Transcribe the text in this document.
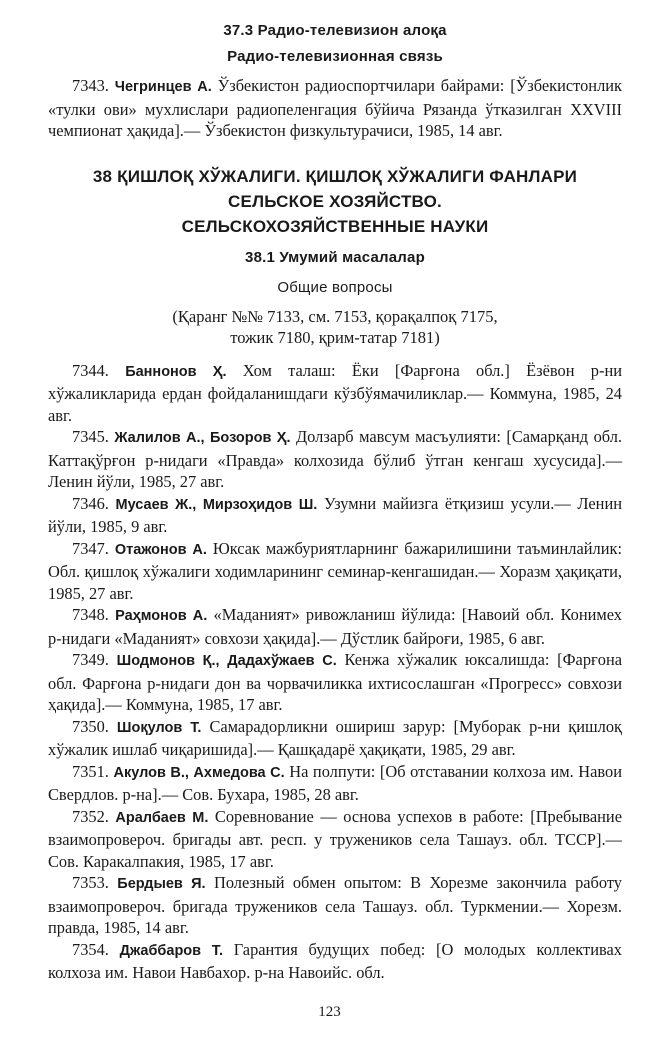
37.3 Радио-телевизион алоқа

Радио-телевизионная связь

7343. Чегринцев А. Ўзбекистон радиоспортчилари байрами: [Ўзбекистонлик «тулки ови» мухлислари радиопеленгация бўйича Рязанда ўтказилган XXVIII чемпионат ҳақида].— Ўзбекистон физкультурачиси, 1985, 14 авг.

38 ҚИШЛОҚ ХЎЖАЛИГИ. ҚИШЛОҚ ХЎЖАЛИГИ ФАНЛАРИ

СЕЛЬСКОЕ ХОЗЯЙСТВО.

СЕЛЬСКОХОЗЯЙСТВЕННЫЕ НАУКИ

38.1 Умумий масалалар

Общие вопросы

(Қаранг №№ 7133, см. 7153, қорақалпоқ 7175,
тожик 7180, қрим-татар 7181)

7344. Баннонов Ҳ. Хом талаш: Ёки [Фарғона обл.] Ёзёвон р-ни хўжаликларида ердан фойдаланишдаги кўзбўямачиликлар.— Коммуна, 1985, 24 авг.

7345. Жалилов А., Бозоров Ҳ. Долзарб мавсум масъулияти: [Самарқанд обл. Каттақўрғон р-нидаги «Правда» колхозида бўлиб ўтган кенгаш хусусида].— Ленин йўли, 1985, 27 авг.

7346. Мусаев Ж., Мирзоҳидов Ш. Узумни майизга ётқизиш усули.— Ленин йўли, 1985, 9 авг.

7347. Отажонов А. Юксак мажбуриятларнинг бажарилишини таъминлайлик: Обл. қишлоқ хўжалиги ходимларининг семинар-кенгашидан.— Хоразм ҳақиқати, 1985, 27 авг.

7348. Раҳмонов А. «Маданият» ривожланиш йўлида: [Навоий обл. Конимех р-нидаги «Маданият» совхози ҳақида].— Дўстлик байроғи, 1985, 6 авг.

7349. Шодмонов Қ., Дадахўжаев С. Кенжа хўжалик юксалишда: [Фарғона обл. Фарғона р-нидаги дон ва чорвачиликка ихтисослашган «Прогресс» совхози ҳақида].— Коммуна, 1985, 17 авг.

7350. Шоқулов Т. Самарадорликни ошириш зарур: [Муборак р-ни қишлоқ хўжалик ишлаб чиқаришида].— Қашқадарё ҳақиқати, 1985, 29 авг.

7351. Акулов В., Ахмедова С. На полпути: [Об отставании колхоза им. Навои Свердлов. р-на].— Сов. Бухара, 1985, 28 авг.

7352. Аралбаев М. Соревнование — основа успехов в работе: [Пребывание взаимопровероч. бригады авт. респ. у тружеников села Ташауз. обл. ТССР].— Сов. Каракалпакия, 1985, 17 авг.

7353. Бердыев Я. Полезный обмен опытом: В Хорезме закончила работу взаимопровероч. бригада тружеников села Ташауз. обл. Туркмении.— Хорезм. правда, 1985, 14 авг.

7354. Джаббаров Т. Гарантия будущих побед: [О молодых коллективах колхоза им. Навои Навбахор. р-на Навоийс. обл.

123
